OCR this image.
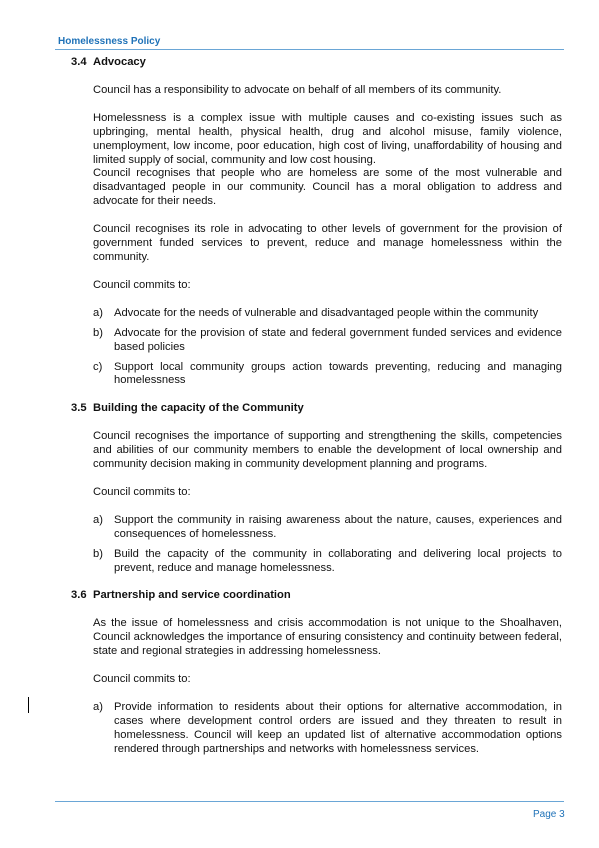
Homelessness Policy
3.4 Advocacy

Council has a responsibility to advocate on behalf of all members of its community.

Homelessness is a complex issue with multiple causes and co-existing issues such as upbringing, mental health, physical health, drug and alcohol misuse, family violence, unemployment, low income, poor education, high cost of living, unaffordability of housing and limited supply of social, community and low cost housing.

Council recognises that people who are homeless are some of the most vulnerable and disadvantaged people in our community. Council has a moral obligation to address and advocate for their needs.

Council recognises its role in advocating to other levels of government for the provision of government funded services to prevent, reduce and manage homelessness within the community.

Council commits to:

a) Advocate for the needs of vulnerable and disadvantaged people within the community
b) Advocate for the provision of state and federal government funded services and evidence based policies
c)	Support local community groups action towards preventing, reducing and managing homelessness
3.5 Building the capacity of the Community

Council recognises the importance of supporting and strengthening the skills, competencies and abilities of our community members to enable the development of local ownership and community decision making in community development planning and programs.

Council commits to:

a) Support the community in raising awareness about the nature, causes, experiences and consequences of homelessness.
b) Build the capacity of the community in collaborating and delivering local projects to prevent, reduce and manage homelessness.
3.6 Partnership and service coordination

As the issue of homelessness and crisis accommodation is not unique to the Shoalhaven, Council acknowledges the importance of ensuring consistency and continuity between federal, state and regional strategies in addressing homelessness.

Council commits to:

a) Provide information to residents about their options for alternative accommodation, in cases where development control orders are issued and they threaten to result in homelessness. Council will keep an updated list of alternative accommodation options rendered through partnerships and networks with homelessness services.
Page 3
